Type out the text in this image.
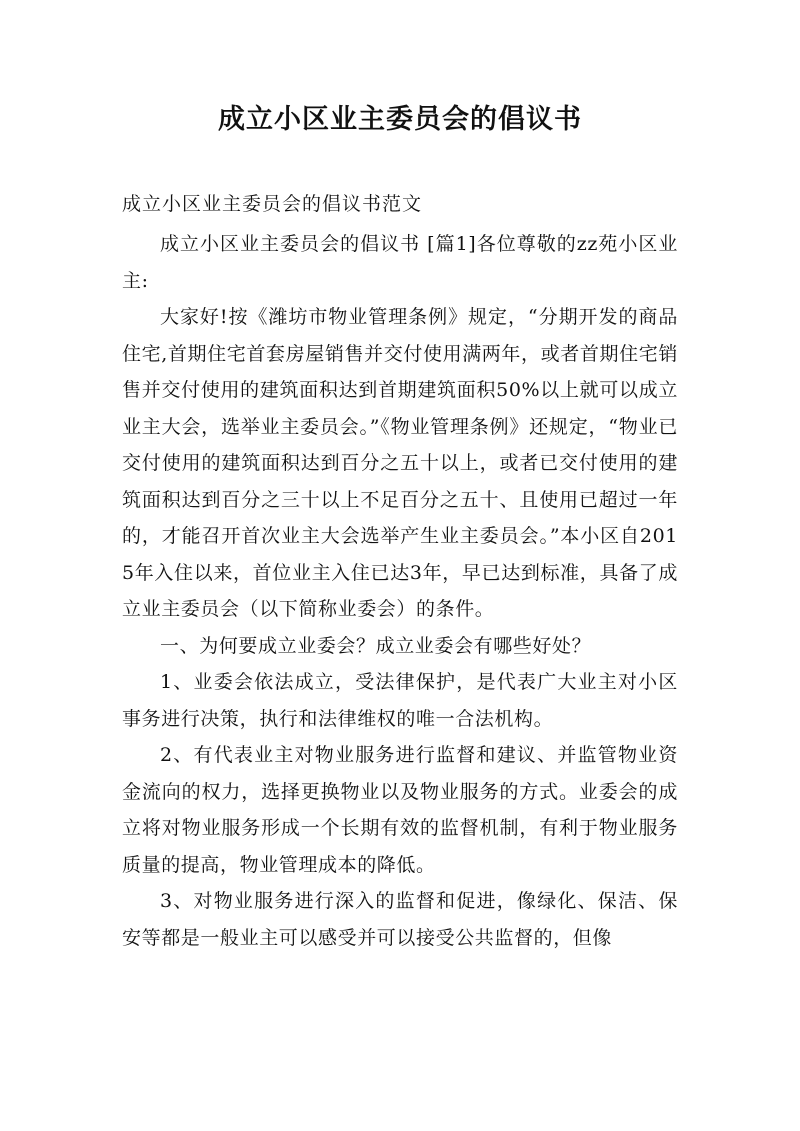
成立小区业主委员会的倡议书

成立小区业主委员会的倡议书范文

成立小区业主委员会的倡议书 [篇1]各位尊敬的zz苑小区业主:

大家好!按《潍坊市物业管理条例》规定，“分期开发的商品住宅,首期住宅首套房屋销售并交付使用满两年，或者首期住宅销售并交付使用的建筑面积达到首期建筑面积50%以上就可以成立业主大会，选举业主委员会。”《物业管理条例》还规定，“物业已交付使用的建筑面积达到百分之五十以上，或者已交付使用的建筑面积达到百分之三十以上不足百分之五十、且使用已超过一年的，才能召开首次业主大会选举产生业主委员会。”本小区自2015年入住以来，首位业主入住已达3年，早已达到标准，具备了成立业主委员会（以下简称业委会）的条件。

一、为何要成立业委会？成立业委会有哪些好处？

1、业委会依法成立，受法律保护，是代表广大业主对小区事务进行决策，执行和法律维权的唯一合法机构。

2、有代表业主对物业服务进行监督和建议、并监管物业资金流向的权力，选择更换物业以及物业服务的方式。业委会的成立将对物业服务形成一个长期有效的监督机制，有利于物业服务质量的提高，物业管理成本的降低。

3、对物业服务进行深入的监督和促进，像绿化、保洁、保安等都是一般业主可以感受并可以接受公共监督的，但像
